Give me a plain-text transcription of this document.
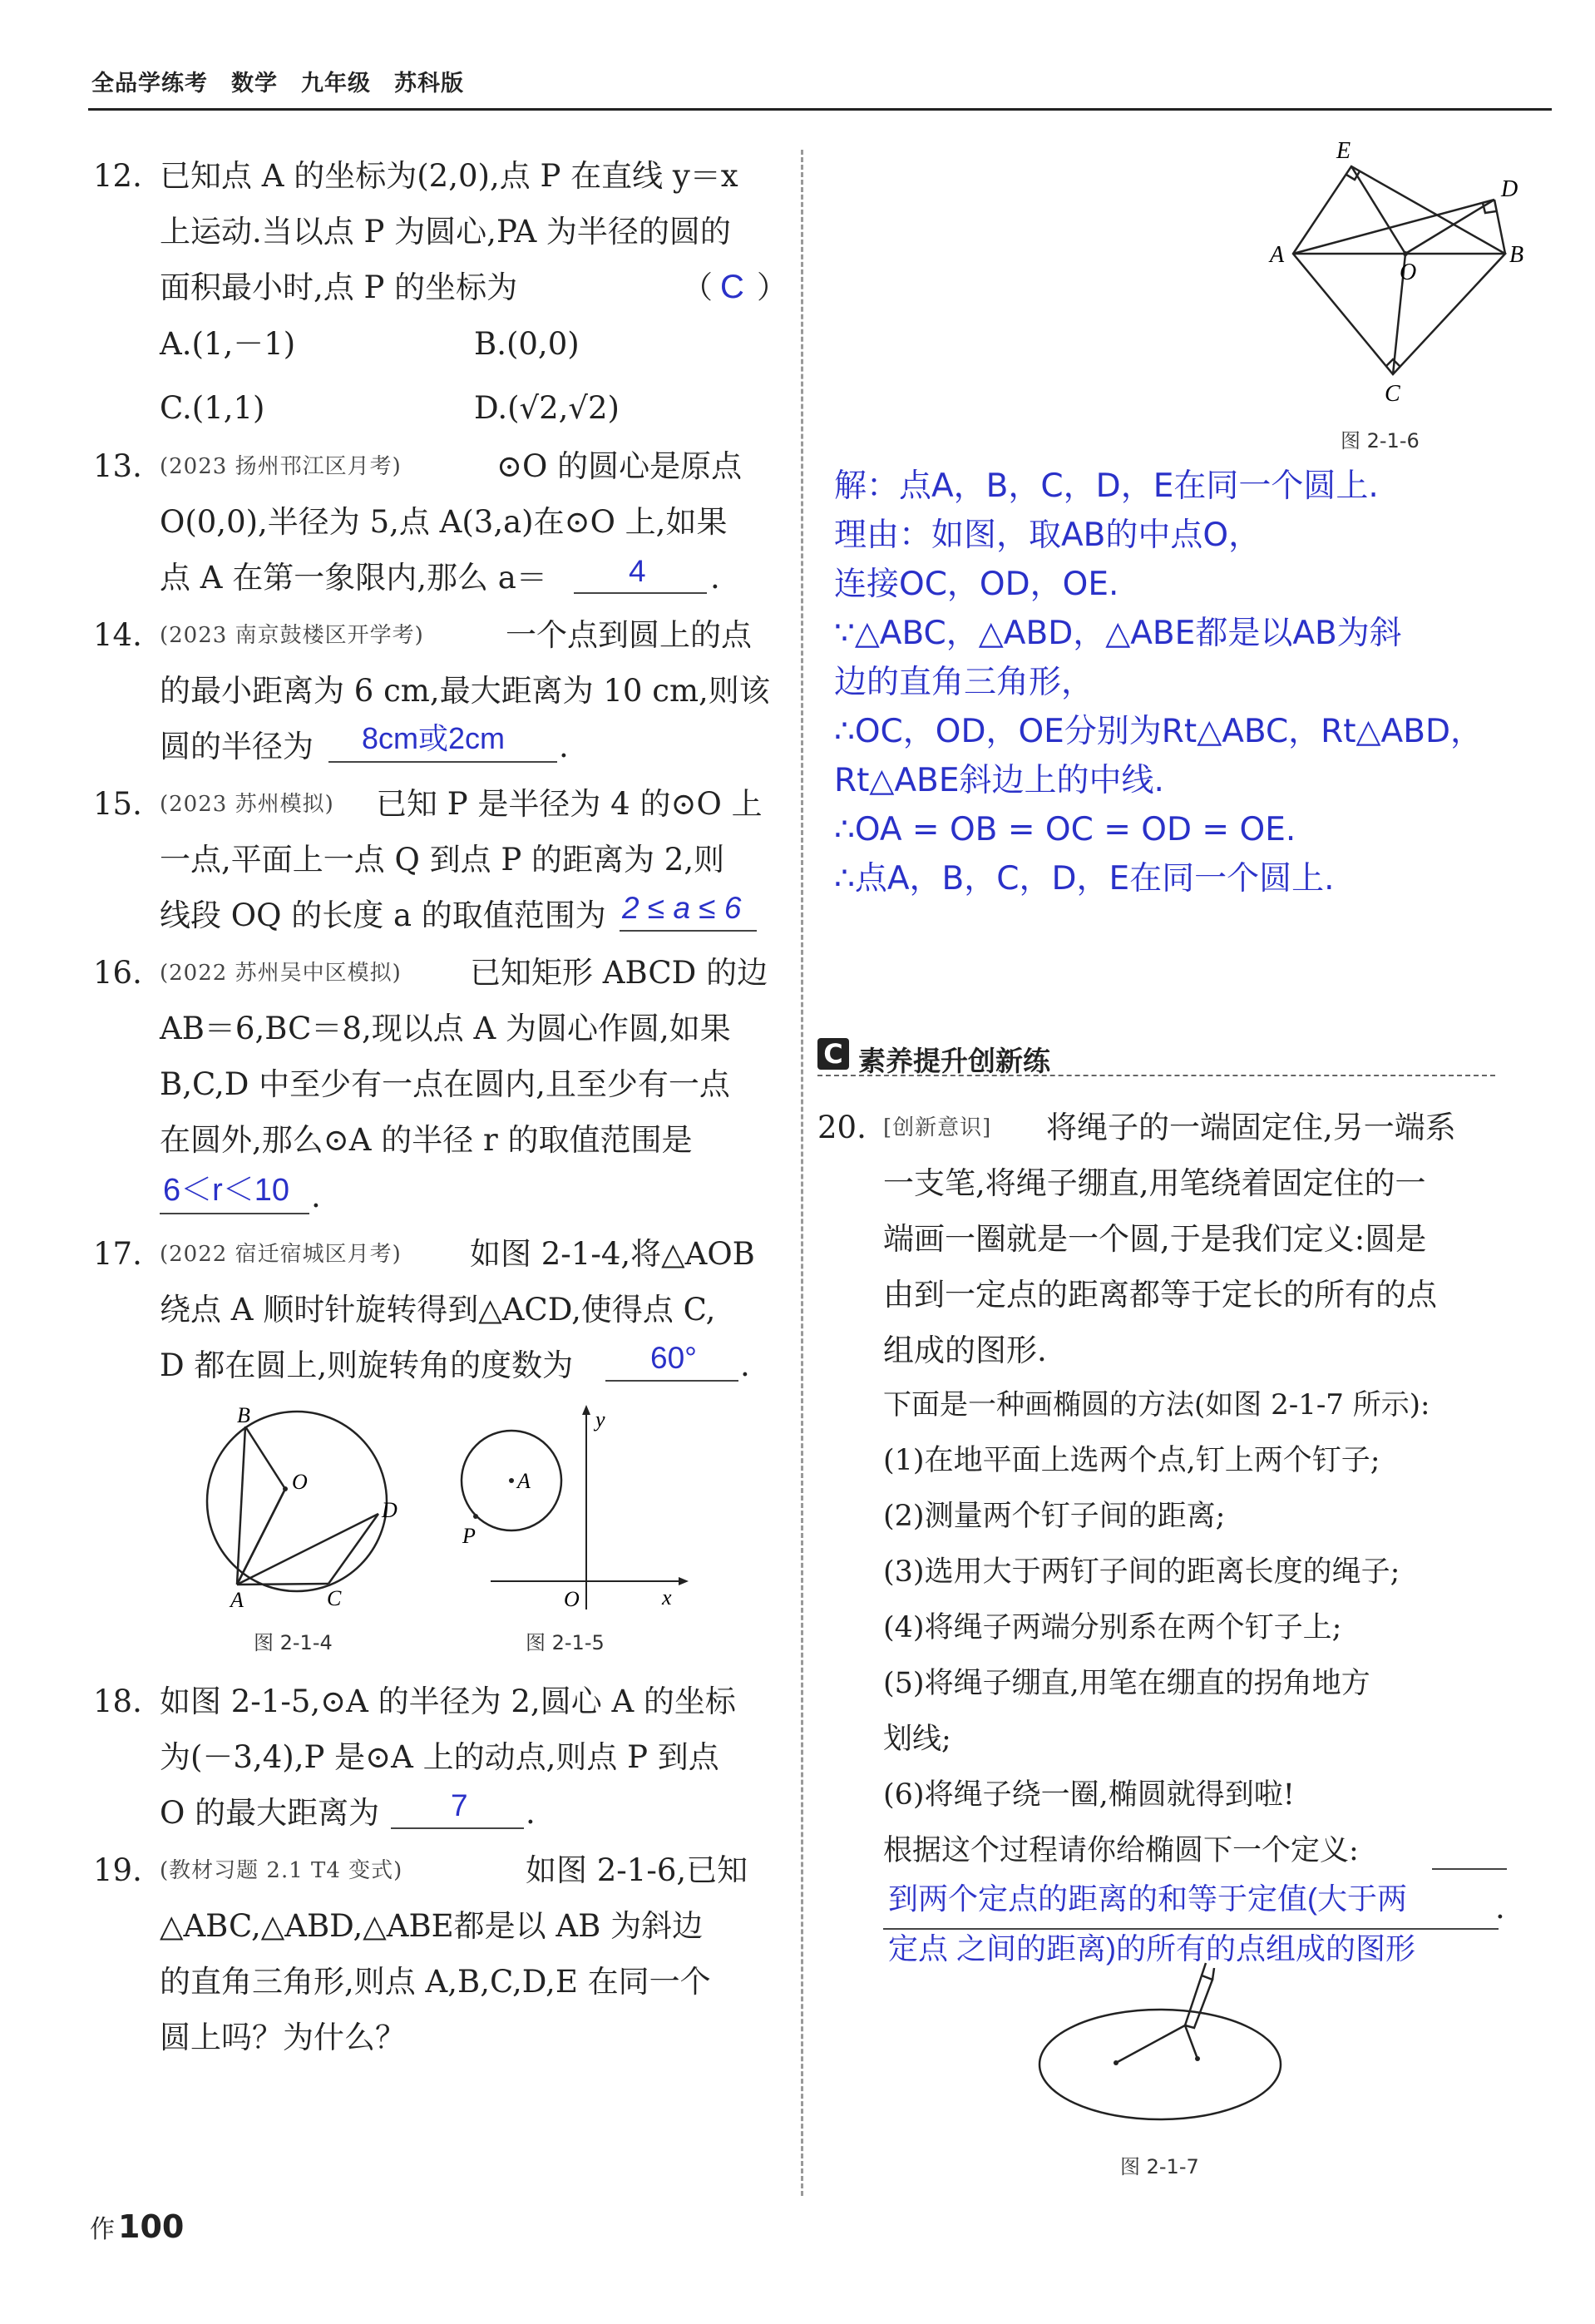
全品学练考　数学　九年级　苏科版
12. 已知点 A 的坐标为(2,0),点 P 在直线 y＝x
上运动.当以点 P 为圆心,PA 为半径的圆的
面积最小时,点 P 的坐标为	（ C ）
A.(1,－1)	B.(0,0)
C.(1,1)	D.(√2,√2)
13. (2023 扬州邗江区月考)	⊙O 的圆心是原点
O(0,0),半径为 5,点 A(3,a)在⊙O 上,如果
点 A 在第一象限内,那么 a＝	4 .
14. (2023 南京鼓楼区开学考)	一个点到圆上的点
的最小距离为 6 cm,最大距离为 10 cm,则该
圆的半径为 8cm或2cm .
15. (2023 苏州模拟) 已知 P 是半径为 4 的⊙O 上
一点,平面上一点 Q 到点 P 的距离为 2,则
线段 OQ 的长度 a 的取值范围为 2 ≤ a ≤ 6
16. (2022 苏州吴中区模拟) 已知矩形 ABCD 的边
AB＝6,BC＝8,现以点 A 为圆心作圆,如果
B,C,D 中至少有一点在圆内,且至少有一点
在圆外,那么⊙A 的半径 r 的取值范围是
6＜r＜10 .
17. (2022 宿迁宿城区月考) 如图 2-1-4,将△AOB
绕点 A 顺时针旋转得到△ACD,使得点 C,
D 都在圆上,则旋转角的度数为	60° .
B
O
D
A	C
图 2-1-4
y
A
P
O	x
图 2-1-5
18. 如图 2-1-5,⊙A 的半径为 2,圆心 A 的坐标
为(－3,4),P 是⊙A 上的动点,则点 P 到点
O 的最大距离为 7 .
19. (教材习题 2.1 T4 变式)	如图 2-1-6,已知
△ABC,△ABD,△ABE都是以 AB 为斜边
的直角三角形,则点 A,B,C,D,E 在同一个
圆上吗？为什么？
E
D
A
O
B
C
图 2-1-6
解：点A，B，C，D，E在同一个圆上.
理由：如图，取AB的中点O，
连接OC，OD，OE.
∵△ABC，△ABD，△ABE都是以AB为斜
边的直角三角形，
∴OC，OD，OE分别为Rt△ABC，Rt△ABD，
Rt△ABE斜边上的中线.
∴OA = OB = OC = OD = OE.
∴点A，B，C，D，E在同一个圆上.
C 素养提升创新练
20. [创新意识] 将绳子的一端固定住,另一端系
一支笔,将绳子绷直,用笔绕着固定住的一
端画一圈就是一个圆,于是我们定义:圆是
由到一定点的距离都等于定长的所有的点
组成的图形.
下面是一种画椭圆的方法(如图 2-1-7 所示):
(1)在地平面上选两个点,钉上两个钉子;
(2)测量两个钉子间的距离;
(3)选用大于两钉子间的距离长度的绳子;
(4)将绳子两端分别系在两个钉子上;
(5)将绳子绷直,用笔在绷直的拐角地方
划线;
(6)将绳子绕一圈,椭圆就得到啦!
根据这个过程请你给椭圆下一个定义:
到两个定点的距离的和等于定值(大于两	.
定点 之间的距离)的所有的点组成的图形
图 2-1-7
作 100
